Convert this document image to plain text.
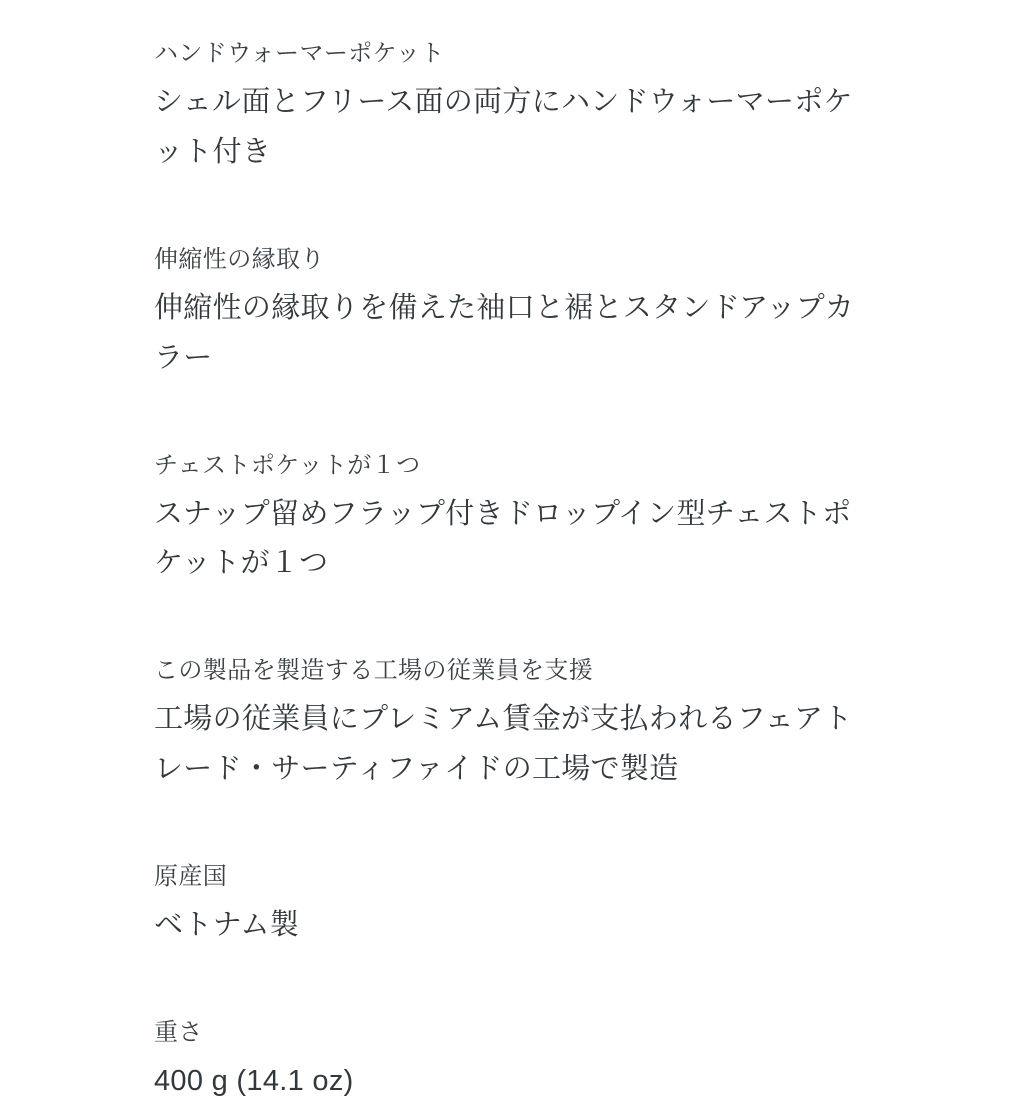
ハンドウォーマーポケット
シェル面とフリース面の両方にハンドウォーマーポケット付き
伸縮性の縁取り
伸縮性の縁取りを備えた袖口と裾とスタンドアップカラー
チェストポケットが１つ
スナップ留めフラップ付きドロップイン型チェストポケットが１つ
この製品を製造する工場の従業員を支援
工場の従業員にプレミアム賃金が支払われるフェアトレード・サーティファイドの工場で製造
原産国
ベトナム製
重さ
400 g (14.1 oz)
